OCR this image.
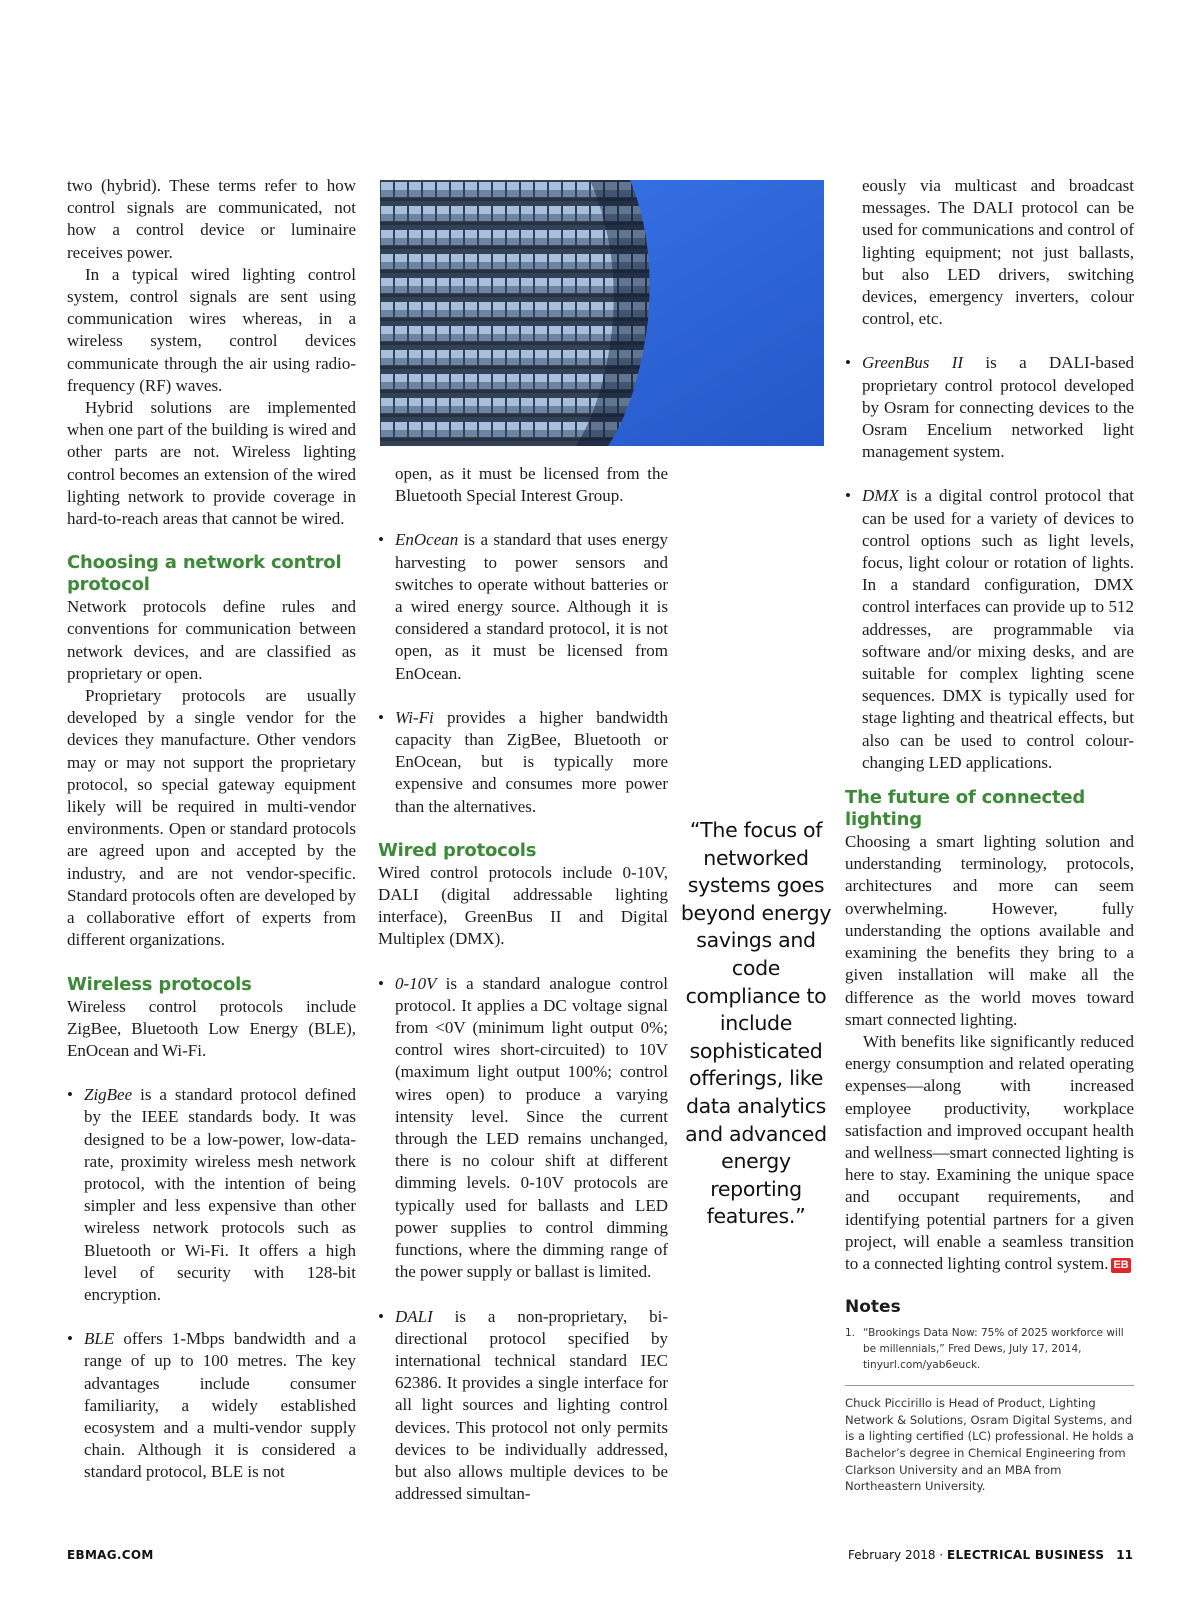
two (hybrid). These terms refer to how control signals are communicated, not how a control device or luminaire receives power.

In a typical wired lighting control system, control signals are sent using communication wires whereas, in a wireless system, control devices communicate through the air using radio-frequency (RF) waves.

Hybrid solutions are implemented when one part of the building is wired and other parts are not. Wireless lighting control becomes an extension of the wired lighting network to provide coverage in hard-to-reach areas that cannot be wired.

Choosing a network control protocol

Network protocols define rules and conventions for communication between network devices, and are classified as proprietary or open.

Proprietary protocols are usually developed by a single vendor for the devices they manufacture. Other vendors may or may not support the proprietary protocol, so special gateway equipment likely will be required in multi-vendor environments. Open or standard protocols are agreed upon and accepted by the industry, and are not vendor-specific. Standard protocols often are developed by a collaborative effort of experts from different organizations.

Wireless protocols

Wireless control protocols include ZigBee, Bluetooth Low Energy (BLE), EnOcean and Wi-Fi.

• ZigBee is a standard protocol defined by the IEEE standards body. It was designed to be a low-power, low-data-rate, proximity wireless mesh network protocol, with the intention of being simpler and less expensive than other wireless network protocols such as Bluetooth or Wi-Fi. It offers a high level of security with 128-bit encryption.
• BLE offers 1-Mbps bandwidth and a range of up to 100 metres. The key advantages include consumer familiarity, a widely established ecosystem and a multi-vendor supply chain. Although it is considered a standard protocol, BLE is not

open, as it must be licensed from the Bluetooth Special Interest Group.

• EnOcean is a standard that uses energy harvesting to power sensors and switches to operate without batteries or a wired energy source. Although it is considered a standard protocol, it is not open, as it must be licensed from EnOcean.
• Wi-Fi provides a higher bandwidth capacity than ZigBee, Bluetooth or EnOcean, but is typically more expensive and consumes more power than the alternatives.
Wired protocols

Wired control protocols include 0-10V, DALI (digital addressable lighting interface), GreenBus II and Digital Multiplex (DMX).

• 0-10V is a standard analogue control protocol. It applies a DC voltage signal from <0V (minimum light output 0%; control wires short-circuited) to 10V (maximum light output 100%; control wires open) to produce a varying intensity level. Since the current through the LED remains unchanged, there is no colour shift at different dimming levels. 0-10V protocols are typically used for ballasts and LED power supplies to control dimming functions, where the dimming range of the power supply or ballast is limited.
• DALI is a non-proprietary, bi-directional protocol specified by international technical standard IEC 62386. It provides a single interface for all light sources and lighting control devices. This protocol not only permits devices to be individually addressed, but also allows multiple devices to be addressed simultan-
“The focus of networked systems goes beyond energy savings and code compliance to include sophisticated offerings, like data analytics and advanced energy reporting features.”

eously via multicast and broadcast messages. The DALI protocol can be used for communications and control of lighting equipment; not just ballasts, but also LED drivers, switching devices, emergency inverters, colour control, etc.

• GreenBus II is a DALI-based proprietary control protocol developed by Osram for connecting devices to the Osram Encelium networked light management system.
• DMX is a digital control protocol that can be used for a variety of devices to control options such as light levels, focus, light colour or rotation of lights. In a standard configuration, DMX control interfaces can provide up to 512 addresses, are programmable via software and/or mixing desks, and are suitable for complex lighting scene sequences. DMX is typically used for stage lighting and theatrical effects, but also can be used to control colour-changing LED applications.
The future of connected lighting

Choosing a smart lighting solution and understanding terminology, protocols, architectures and more can seem overwhelming. However, fully understanding the options available and examining the benefits they bring to a given installation will make all the difference as the world moves toward smart connected lighting.

With benefits like significantly reduced energy consumption and related operating expenses—along with increased employee productivity, workplace satisfaction and improved occupant health and wellness—smart connected lighting is here to stay. Examining the unique space and occupant requirements, and identifying potential partners for a given project, will enable a seamless transition to a connected lighting control system. EB

Notes
1. “Brookings Data Now: 75% of 2025 workforce will be millennials,” Fred Dews, July 17, 2014, tinyurl.com/yab6euck.
Chuck Piccirillo is Head of Product, Lighting Network & Solutions, Osram Digital Systems, and is a lighting certified (LC) professional. He holds a Bachelor’s degree in Chemical Engineering from Clarkson University and an MBA from Northeastern University.
EBMAG.COM	February 2018 · ELECTRICAL BUSINESS 11
